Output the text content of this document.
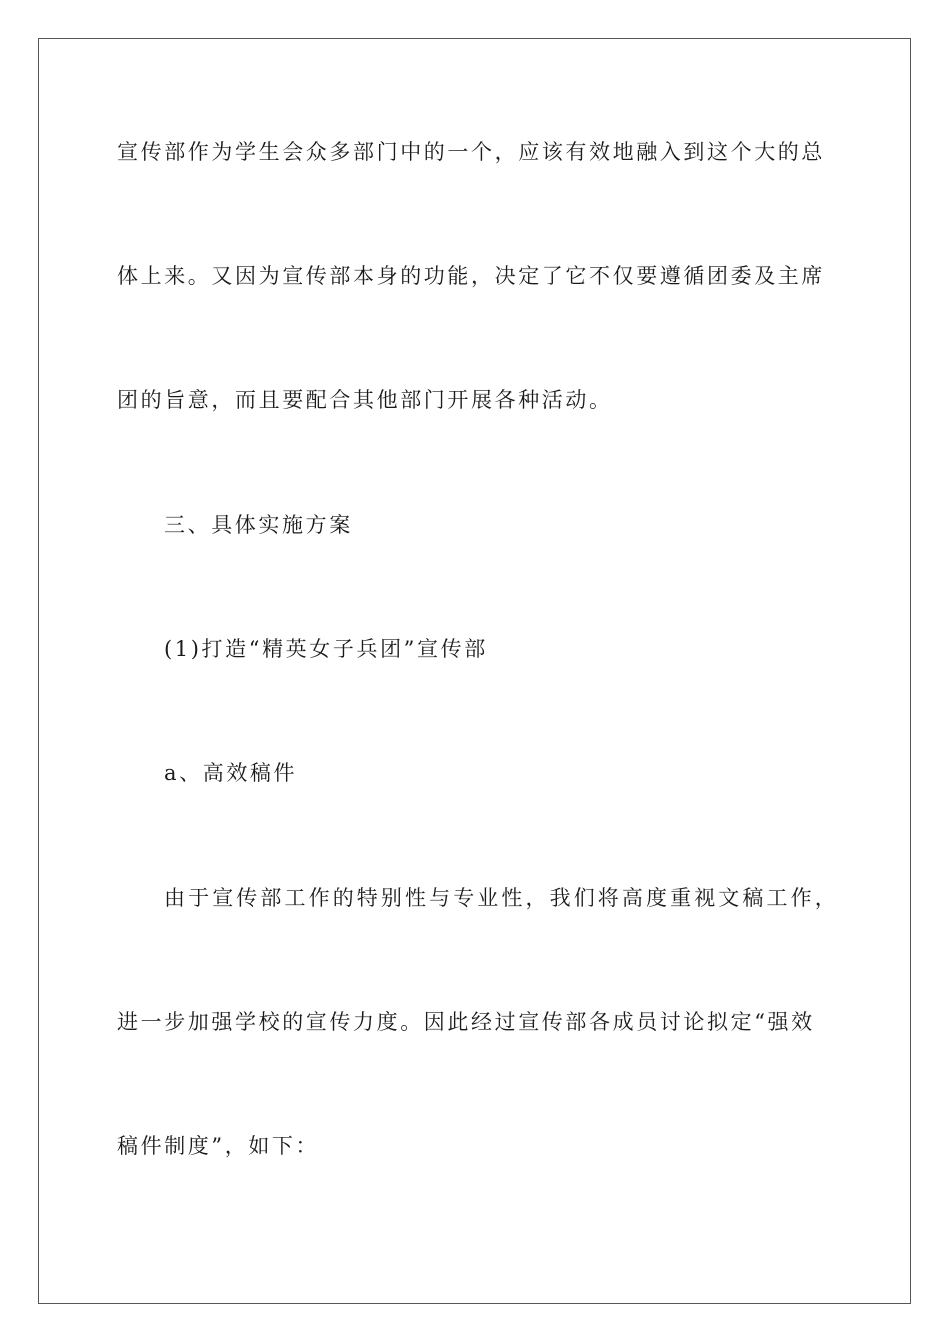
宣传部作为学生会众多部门中的一个，应该有效地融入到这个大的总
体上来。又因为宣传部本身的功能，决定了它不仅要遵循团委及主席
团的旨意，而且要配合其他部门开展各种活动。
三、具体实施方案
(1)打造“精英女子兵团”宣传部
a、高效稿件
由于宣传部工作的特别性与专业性，我们将高度重视文稿工作，
进一步加强学校的宣传力度。因此经过宣传部各成员讨论拟定“强效
稿件制度”，如下：
